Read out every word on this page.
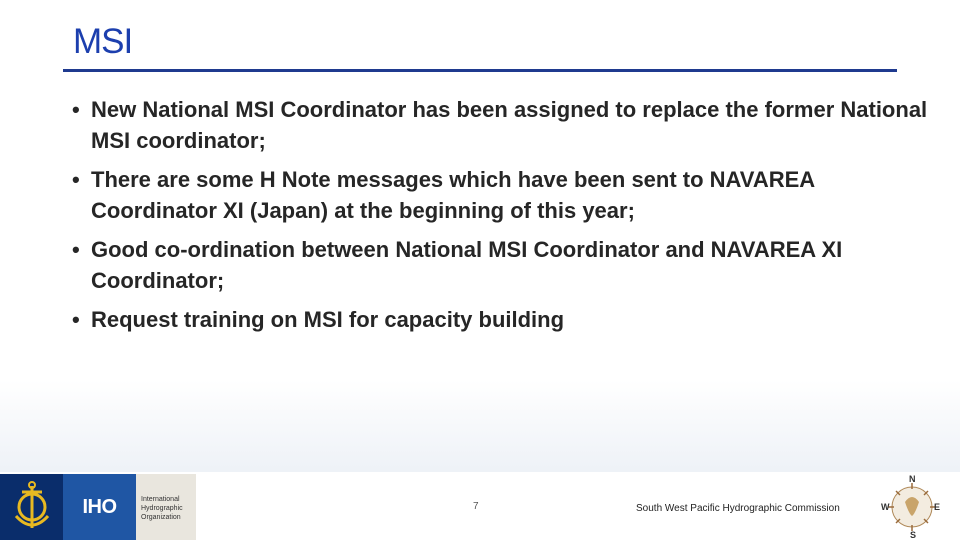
MSI
• New National MSI Coordinator has been assigned to replace the former National MSI coordinator;
• There are some H Note messages which have been sent to NAVAREA Coordinator XI (Japan) at the beginning of this year;
• Good co-ordination between National MSI Coordinator and NAVAREA XI Coordinator;
• Request training on MSI for capacity building
IHO	International
Hydrographic
Organization
7	South West Pacific Hydrographic Commission
N
E
W
S
